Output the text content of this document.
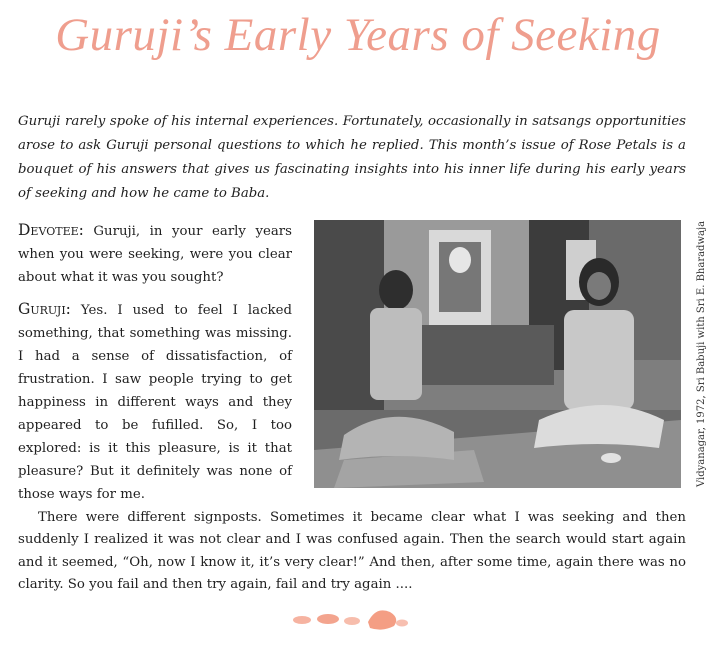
Guruji’s Early Years of Seeking
Guruji rarely spoke of his internal experiences. Fortunately, occasionally in satsangs opportunities arose to ask Guruji personal questions to which he replied. This month’s issue of Rose Petals is a bouquet of his answers that gives us fascinating insights into his inner life during his early years of seeking and how he came to Baba.

Devotee: Guruji, in your early years when you were seeking, were you clear about what it was you sought?

Guruji: Yes. I used to feel I lacked something, that something was missing. I had a sense of dissatisfaction, of frustration. I saw people trying to get happiness in different ways and they appeared to be fufilled. So, I too explored: is it this pleasure, is it that pleasure? But it definitely was none of those ways for me.

Vidyanagar, 1972, Sri Babuji with Sri E. Bharadwaja
There were different signposts. Sometimes it became clear what I was seeking and then suddenly I realized it was not clear and I was confused again. Then the search would start again and it seemed, “Oh, now I know it, it’s very clear!” And then, after some time, again there was no clarity. So you fail and then try again, fail and try again ....
